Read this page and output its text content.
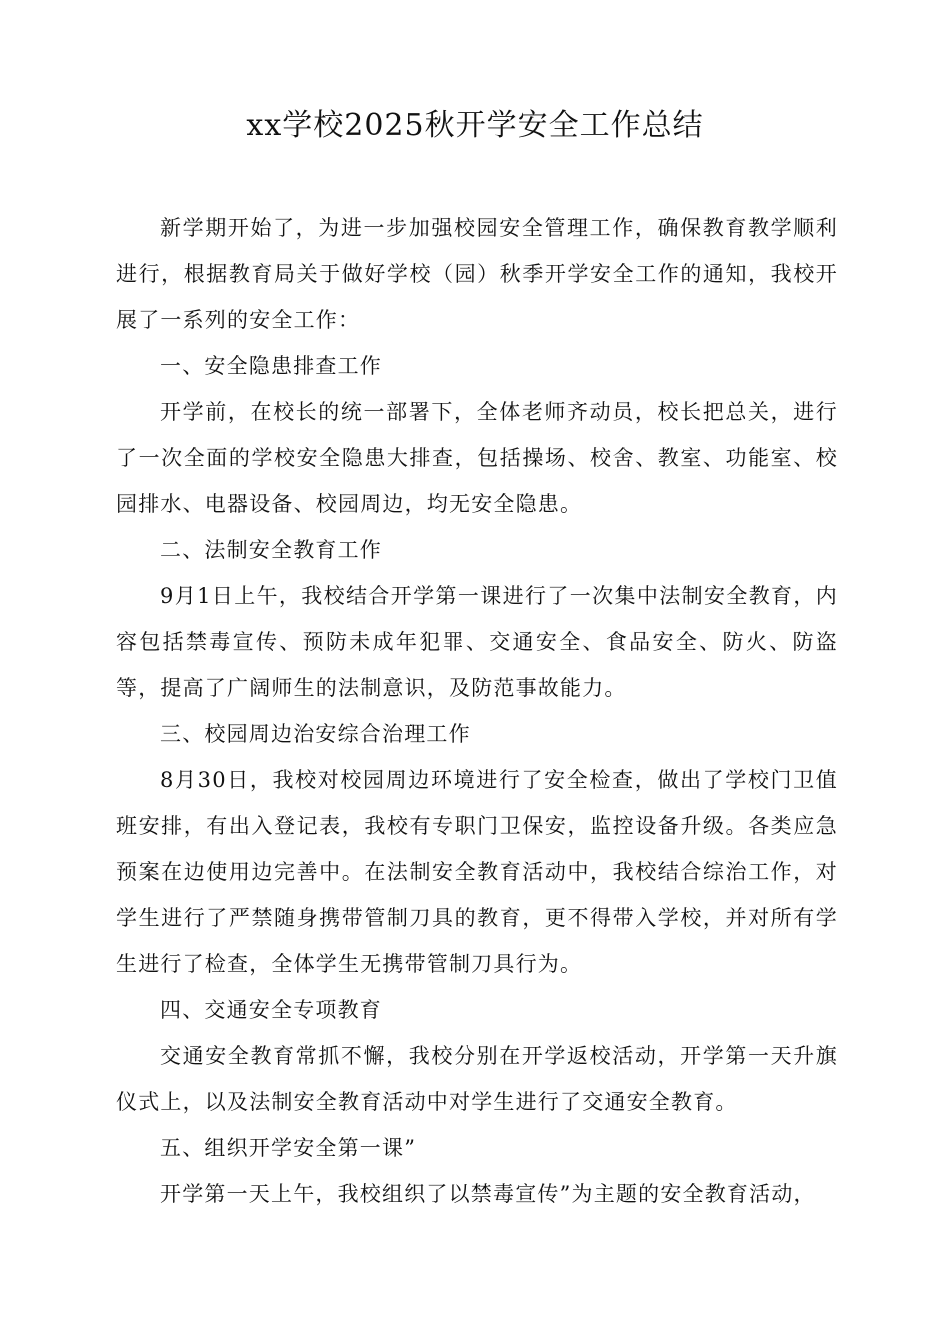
xx学校2025秋开学安全工作总结

新学期开始了，为进一步加强校园安全管理工作，确保教育教学顺利进行，根据教育局关于做好学校（园）秋季开学安全工作的通知，我校开展了一系列的安全工作：

一、安全隐患排查工作

开学前，在校长的统一部署下，全体老师齐动员，校长把总关，进行了一次全面的学校安全隐患大排查，包括操场、校舍、教室、功能室、校园排水、电器设备、校园周边，均无安全隐患。

二、法制安全教育工作

9月1日上午，我校结合开学第一课进行了一次集中法制安全教育，内容包括禁毒宣传、预防未成年犯罪、交通安全、食品安全、防火、防盗等，提高了广阔师生的法制意识，及防范事故能力。

三、校园周边治安综合治理工作

8月30日，我校对校园周边环境进行了安全检查，做出了学校门卫值班安排，有出入登记表，我校有专职门卫保安，监控设备升级。各类应急预案在边使用边完善中。在法制安全教育活动中，我校结合综治工作，对学生进行了严禁随身携带管制刀具的教育，更不得带入学校，并对所有学生进行了检查，全体学生无携带管制刀具行为。

四、交通安全专项教育

交通安全教育常抓不懈，我校分别在开学返校活动，开学第一天升旗仪式上，以及法制安全教育活动中对学生进行了交通安全教育。

五、组织开学安全第一课”

开学第一天上午，我校组织了以禁毒宣传”为主题的安全教育活动，
